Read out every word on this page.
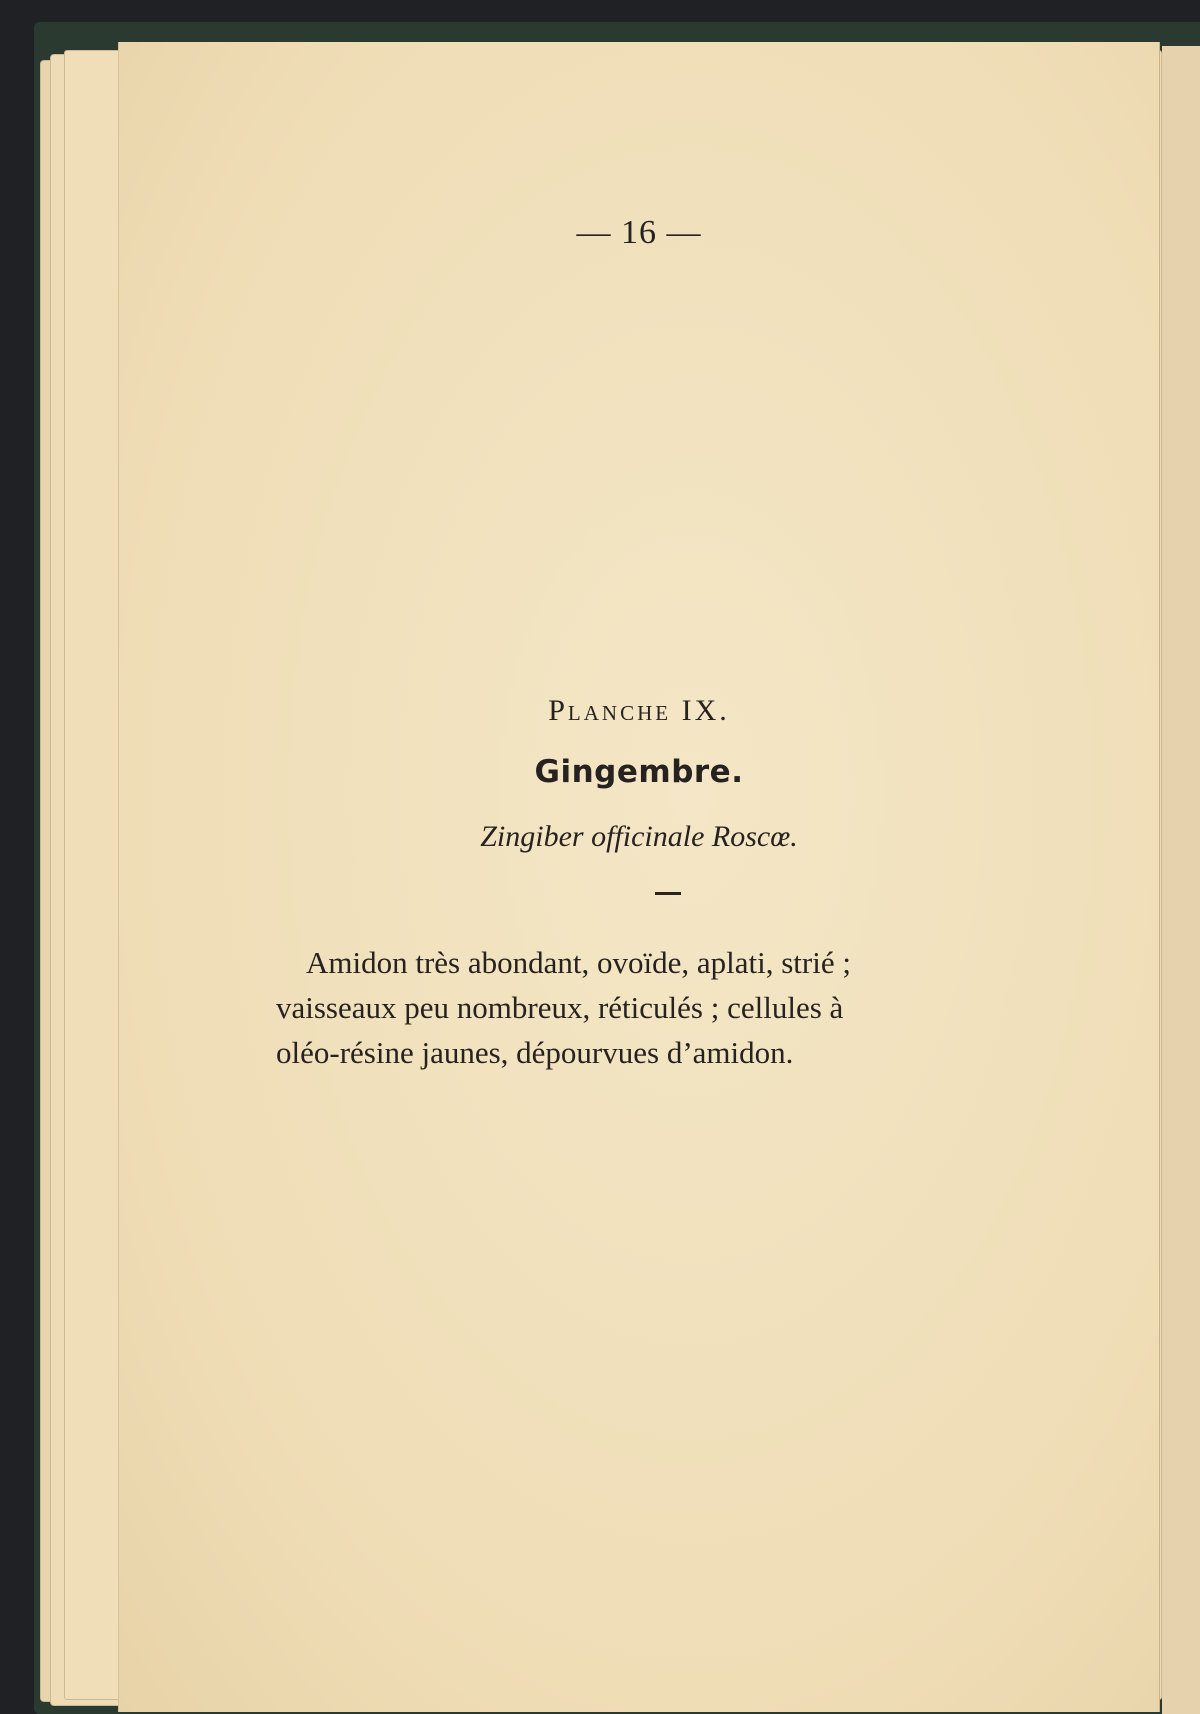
— 16 —
Planche IX.
Gingembre.
Zingiber officinale Roscœ.
Amidon très abondant, ovoïde, aplati, strié ;
vaisseaux peu nombreux, réticulés ; cellules à
oléo-résine jaunes, dépourvues d’amidon.
